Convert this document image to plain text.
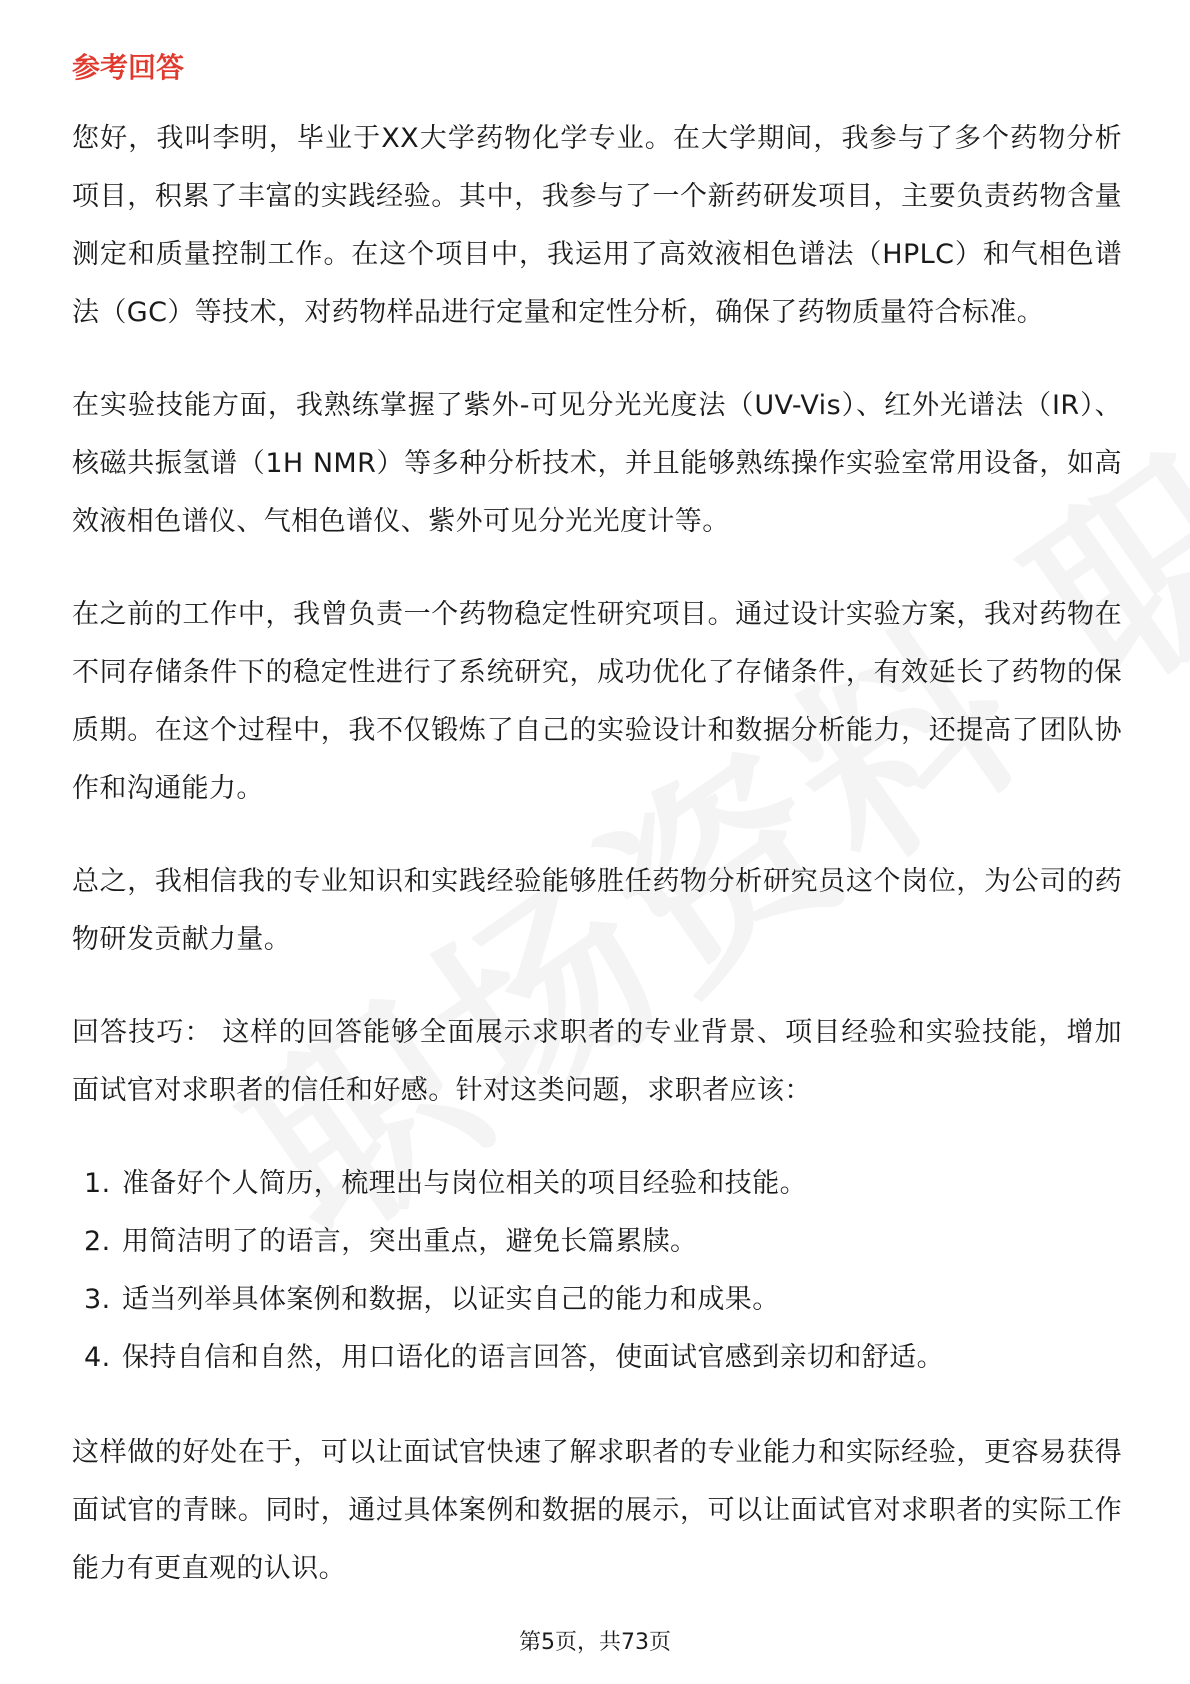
参考回答

您好，我叫李明，毕业于XX大学药物化学专业。在大学期间，我参与了多个药物分析项目，积累了丰富的实践经验。其中，我参与了一个新药研发项目，主要负责药物含量测定和质量控制工作。在这个项目中，我运用了高效液相色谱法（HPLC）和气相色谱法（GC）等技术，对药物样品进行定量和定性分析，确保了药物质量符合标准。

在实验技能方面，我熟练掌握了紫外-可见分光光度法（UV-Vis）、红外光谱法（IR）、核磁共振氢谱（1H NMR）等多种分析技术，并且能够熟练操作实验室常用设备，如高效液相色谱仪、气相色谱仪、紫外可见分光光度计等。

在之前的工作中，我曾负责一个药物稳定性研究项目。通过设计实验方案，我对药物在不同存储条件下的稳定性进行了系统研究，成功优化了存储条件，有效延长了药物的保质期。在这个过程中，我不仅锻炼了自己的实验设计和数据分析能力，还提高了团队协作和沟通能力。

总之，我相信我的专业知识和实践经验能够胜任药物分析研究员这个岗位，为公司的药物研发贡献力量。

回答技巧： 这样的回答能够全面展示求职者的专业背景、项目经验和实验技能，增加面试官对求职者的信任和好感。针对这类问题，求职者应该：

1. 准备好个人简历，梳理出与岗位相关的项目经验和技能。
2. 用简洁明了的语言，突出重点，避免长篇累牍。
3. 适当列举具体案例和数据，以证实自己的能力和成果。
4. 保持自信和自然，用口语化的语言回答，使面试官感到亲切和舒适。

这样做的好处在于，可以让面试官快速了解求职者的专业能力和实际经验，更容易获得面试官的青睐。同时，通过具体案例和数据的展示，可以让面试官对求职者的实际工作能力有更直观的认识。

第5页，共73页
